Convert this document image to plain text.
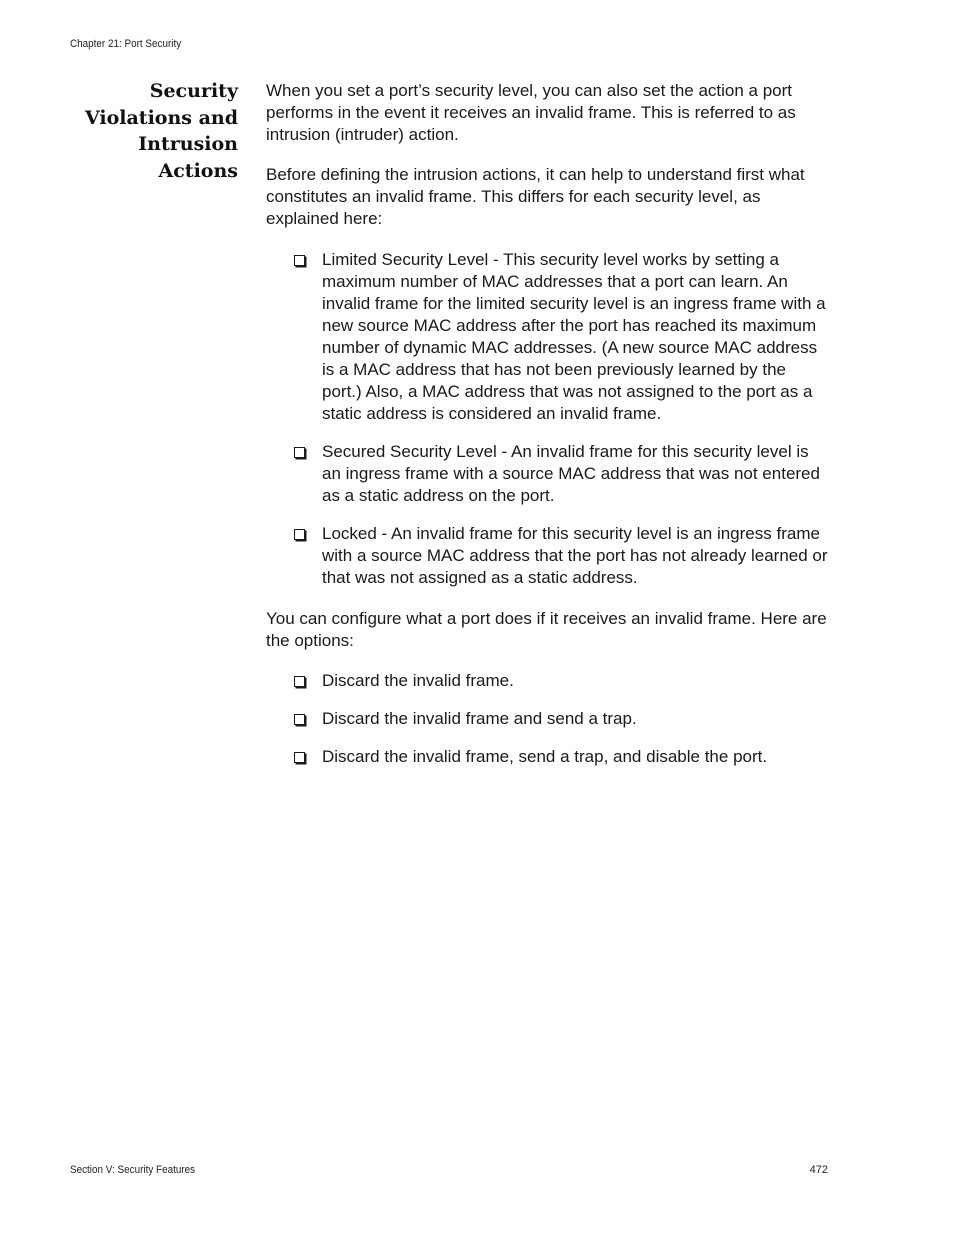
Chapter 21: Port Security
Security
Violations and
Intrusion
Actions

When you set a port’s security level, you can also set the action a port performs in the event it receives an invalid frame. This is referred to as intrusion (intruder) action.

Before defining the intrusion actions, it can help to understand first what constitutes an invalid frame. This differs for each security level, as explained here:

Limited Security Level - This security level works by setting a maximum number of MAC addresses that a port can learn. An invalid frame for the limited security level is an ingress frame with a new source MAC address after the port has reached its maximum number of dynamic MAC addresses. (A new source MAC address is a MAC address that has not been previously learned by the port.) Also, a MAC address that was not assigned to the port as a static address is considered an invalid frame.
Secured Security Level - An invalid frame for this security level is an ingress frame with a source MAC address that was not entered as a static address on the port.
Locked - An invalid frame for this security level is an ingress frame with a source MAC address that the port has not already learned or that was not assigned as a static address.

You can configure what a port does if it receives an invalid frame. Here are the options:

Discard the invalid frame.
Discard the invalid frame and send a trap.
Discard the invalid frame, send a trap, and disable the port.
Section V: Security Features	472
